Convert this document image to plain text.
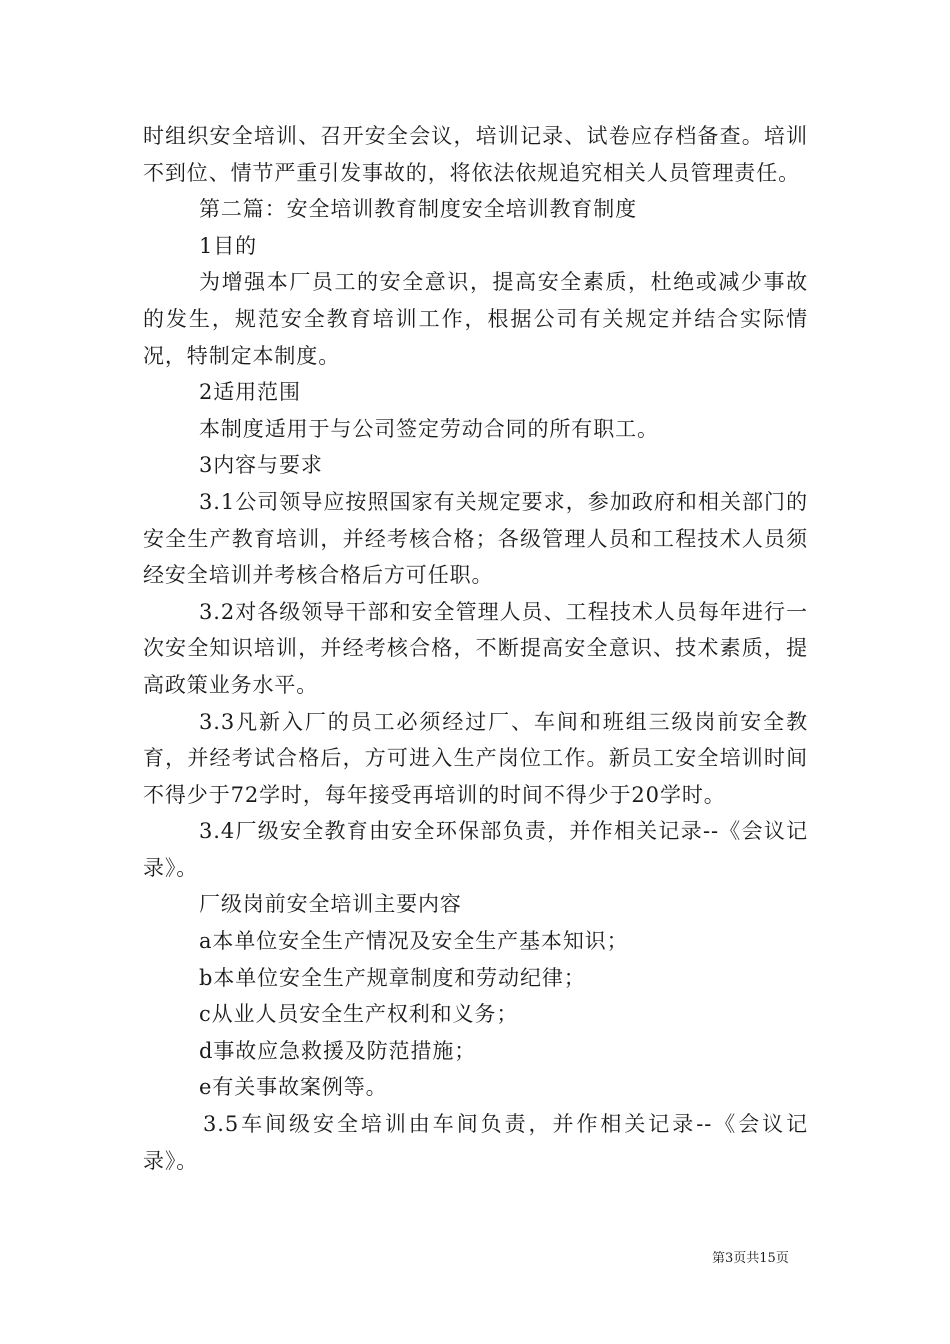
时组织安全培训、召开安全会议，培训记录、试卷应存档备查。培训不到位、情节严重引发事故的，将依法依规追究相关人员管理责任。

第二篇：安全培训教育制度安全培训教育制度

1目的

为增强本厂员工的安全意识，提高安全素质，杜绝或减少事故的发生，规范安全教育培训工作，根据公司有关规定并结合实际情况，特制定本制度。

2适用范围

本制度适用于与公司签定劳动合同的所有职工。

3内容与要求

3.1公司领导应按照国家有关规定要求，参加政府和相关部门的安全生产教育培训，并经考核合格；各级管理人员和工程技术人员须经安全培训并考核合格后方可任职。

3.2对各级领导干部和安全管理人员、工程技术人员每年进行一次安全知识培训，并经考核合格，不断提高安全意识、技术素质，提高政策业务水平。

3.3凡新入厂的员工必须经过厂、车间和班组三级岗前安全教育，并经考试合格后，方可进入生产岗位工作。新员工安全培训时间不得少于72学时，每年接受再培训的时间不得少于20学时。

3.4厂级安全教育由安全环保部负责，并作相关记录--《会议记录》。

厂级岗前安全培训主要内容

a本单位安全生产情况及安全生产基本知识；

b本单位安全生产规章制度和劳动纪律；

c从业人员安全生产权利和义务；

d事故应急救援及防范措施；

e有关事故案例等。

3.5车间级安全培训由车间负责，并作相关记录--《会议记录》。

第3页共15页
